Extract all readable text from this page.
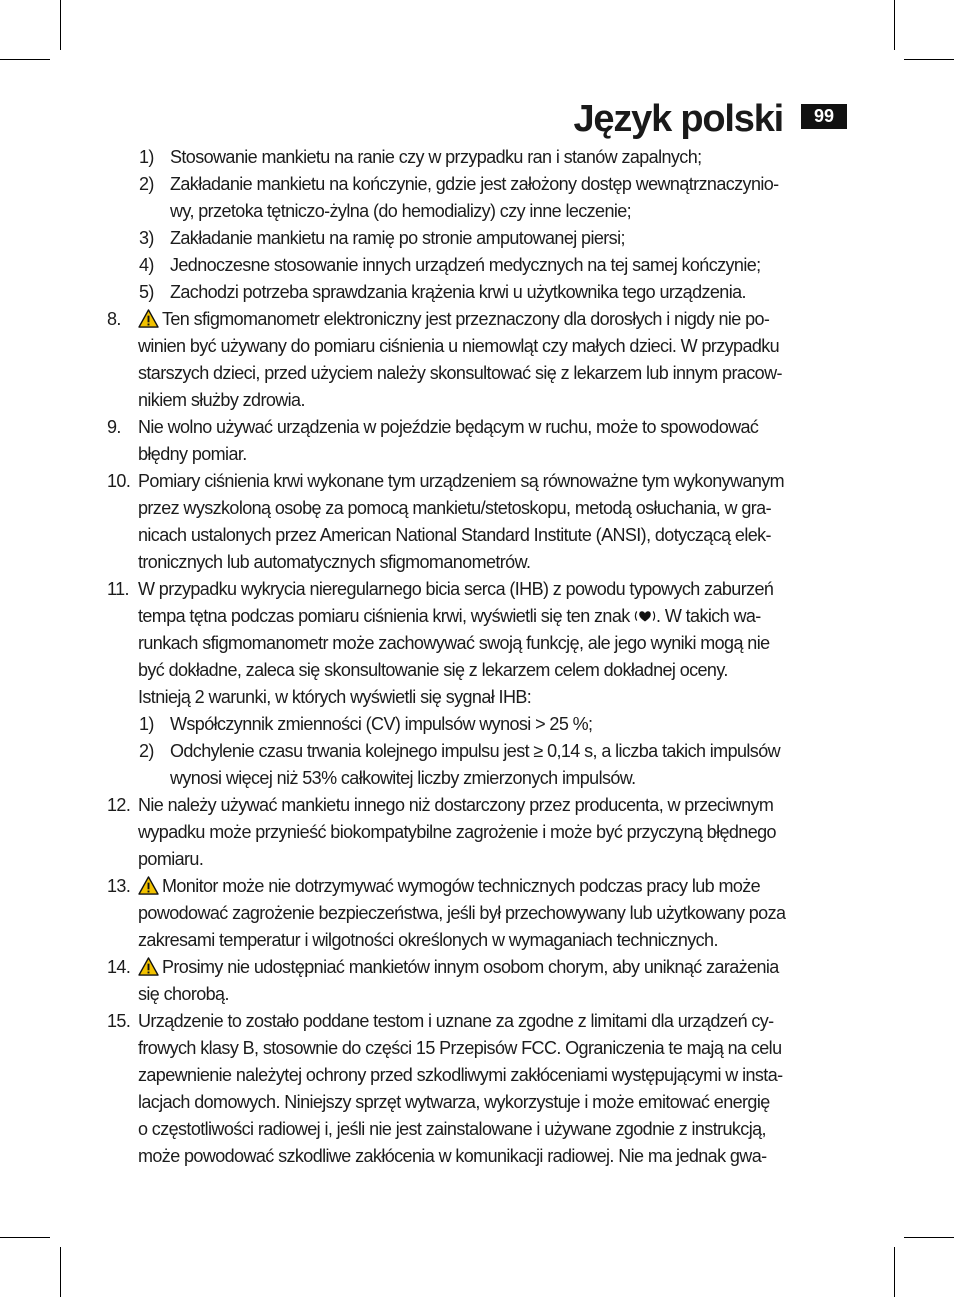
Język polski	99
1) Stosowanie mankietu na ranie czy w przypadku ran i stanów zapalnych;
2) Zakładanie mankietu na kończynie, gdzie jest założony dostęp wewnątrznaczynio-
wy, przetoka tętniczo-żylna (do hemodializy) czy inne leczenie;
3) Zakładanie mankietu na ramię po stronie amputowanej piersi;
4) Jednoczesne stosowanie innych urządzeń medycznych na tej samej kończynie;
5) Zachodzi potrzeba sprawdzania krążenia krwi u użytkownika tego urządzenia.
8.	Ten sfigmomanometr elektroniczny jest przeznaczony dla dorosłych i nigdy nie po-
winien być używany do pomiaru ciśnienia u niemowląt czy małych dzieci. W przypadku
starszych dzieci, przed użyciem należy skonsultować się z lekarzem lub innym pracow-
nikiem służby zdrowia.
9. Nie wolno używać urządzenia w pojeździe będącym w ruchu, może to spowodować
błędny pomiar.
10. Pomiary ciśnienia krwi wykonane tym urządzeniem są równoważne tym wykonywanym
przez wyszkoloną osobę za pomocą mankietu/stetoskopu, metodą osłuchania, w gra-
nicach ustalonych przez American National Standard Institute (ANSI), dotyczącą elek-
tronicznych lub automatycznych sfigmomanometrów.
11. W przypadku wykrycia nieregularnego bicia serca (IHB) z powodu typowych zaburzeń
tempa tętna podczas pomiaru ciśnienia krwi, wyświetli się ten znak . W takich wa-
runkach sfigmomanometr może zachowywać swoją funkcję, ale jego wyniki mogą nie
być dokładne, zaleca się skonsultowanie się z lekarzem celem dokładnej oceny.
Istnieją 2 warunki, w których wyświetli się sygnał IHB:
1) Współczynnik zmienności (CV) impulsów wynosi > 25 %;
2) Odchylenie czasu trwania kolejnego impulsu jest ≥ 0,14 s, a liczba takich impulsów
wynosi więcej niż 53% całkowitej liczby zmierzonych impulsów.
12. Nie należy używać mankietu innego niż dostarczony przez producenta, w przeciwnym
wypadku może przynieść biokompatybilne zagrożenie i może być przyczyną błędnego
pomiaru.
13.	Monitor może nie dotrzymywać wymogów technicznych podczas pracy lub może
powodować zagrożenie bezpieczeństwa, jeśli był przechowywany lub użytkowany poza
zakresami temperatur i wilgotności określonych w wymaganiach technicznych.
14.	Prosimy nie udostępniać mankietów innym osobom chorym, aby uniknąć zarażenia
się chorobą.
15. Urządzenie to zostało poddane testom i uznane za zgodne z limitami dla urządzeń cy-
frowych klasy B, stosownie do części 15 Przepisów FCC. Ograniczenia te mają na celu
zapewnienie należytej ochrony przed szkodliwymi zakłóceniami występującymi w insta-
lacjach domowych. Niniejszy sprzęt wytwarza, wykorzystuje i może emitować energię
o częstotliwości radiowej i, jeśli nie jest zainstalowane i używane zgodnie z instrukcją,
może powodować szkodliwe zakłócenia w komunikacji radiowej. Nie ma jednak gwa-
